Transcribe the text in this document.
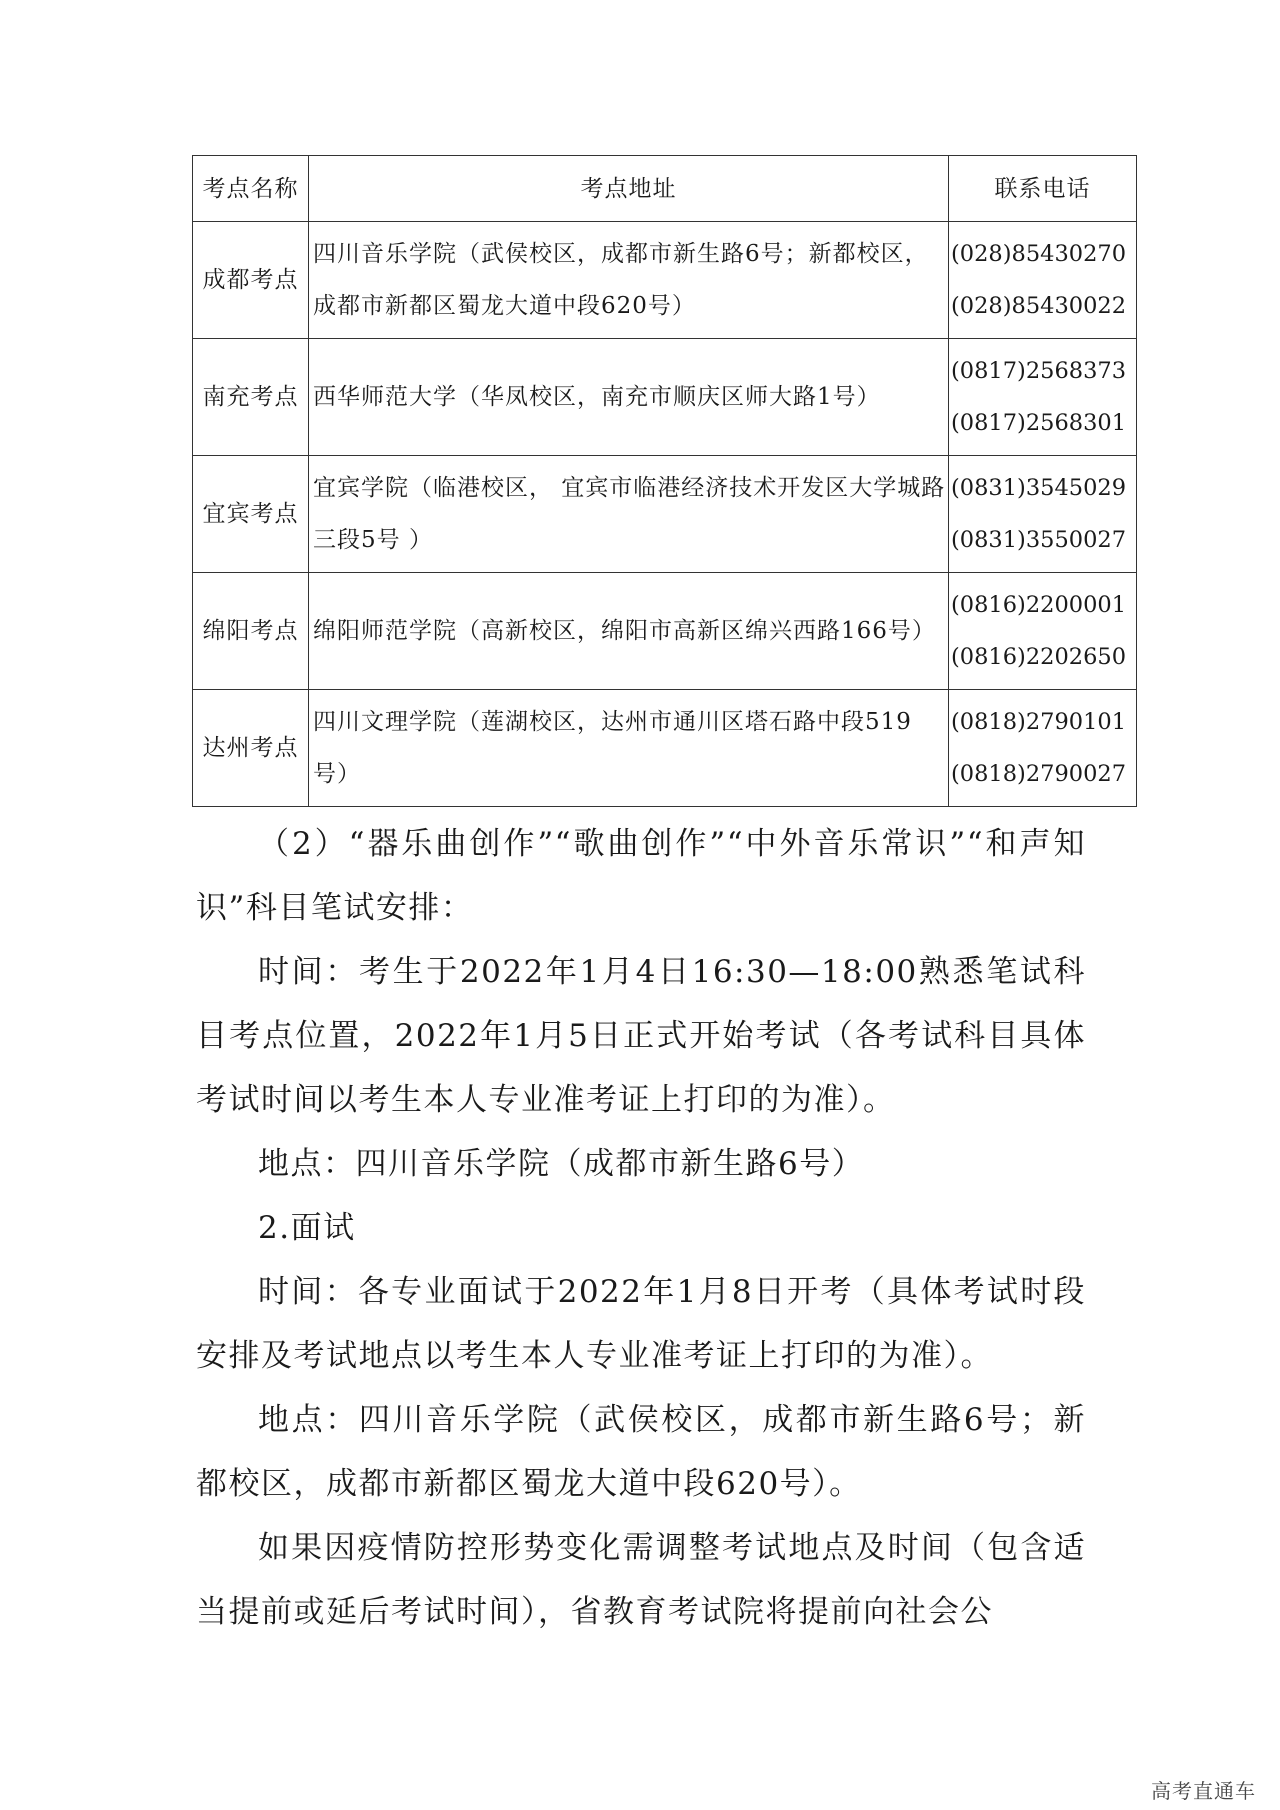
考点名称	考点地址	联系电话
成都考点	四川音乐学院（武侯校区，成都市新生路6号；新都校区，成都市新都区蜀龙大道中段620号）	(028)85430270
(028)85430022

南充考点	西华师范大学（华凤校区，南充市顺庆区师大路1号）	(0817)2568373
(0817)2568301

宜宾考点	宜宾学院（临港校区， 宜宾市临港经济技术开发区大学城路三段5号 ）	(0831)3545029
(0831)3550027

绵阳考点	绵阳师范学院（高新校区，绵阳市高新区绵兴西路166号）	(0816)2200001
(0816)2202650

达州考点	四川文理学院（莲湖校区，达州市通川区塔石路中段519号）	(0818)2790101
(0818)2790027

（2）“器乐曲创作”“歌曲创作”“中外音乐常识”“和声知识”科目笔试安排：

时间：考生于2022年1月4日16:30—18:00熟悉笔试科目考点位置，2022年1月5日正式开始考试（各考试科目具体考试时间以考生本人专业准考证上打印的为准）。

地点：四川音乐学院（成都市新生路6号）

2.面试

时间：各专业面试于2022年1月8日开考（具体考试时段安排及考试地点以考生本人专业准考证上打印的为准）。

地点：四川音乐学院（武侯校区，成都市新生路6号；新都校区，成都市新都区蜀龙大道中段620号）。

如果因疫情防控形势变化需调整考试地点及时间（包含适当提前或延后考试时间），省教育考试院将提前向社会公

高考直通车
